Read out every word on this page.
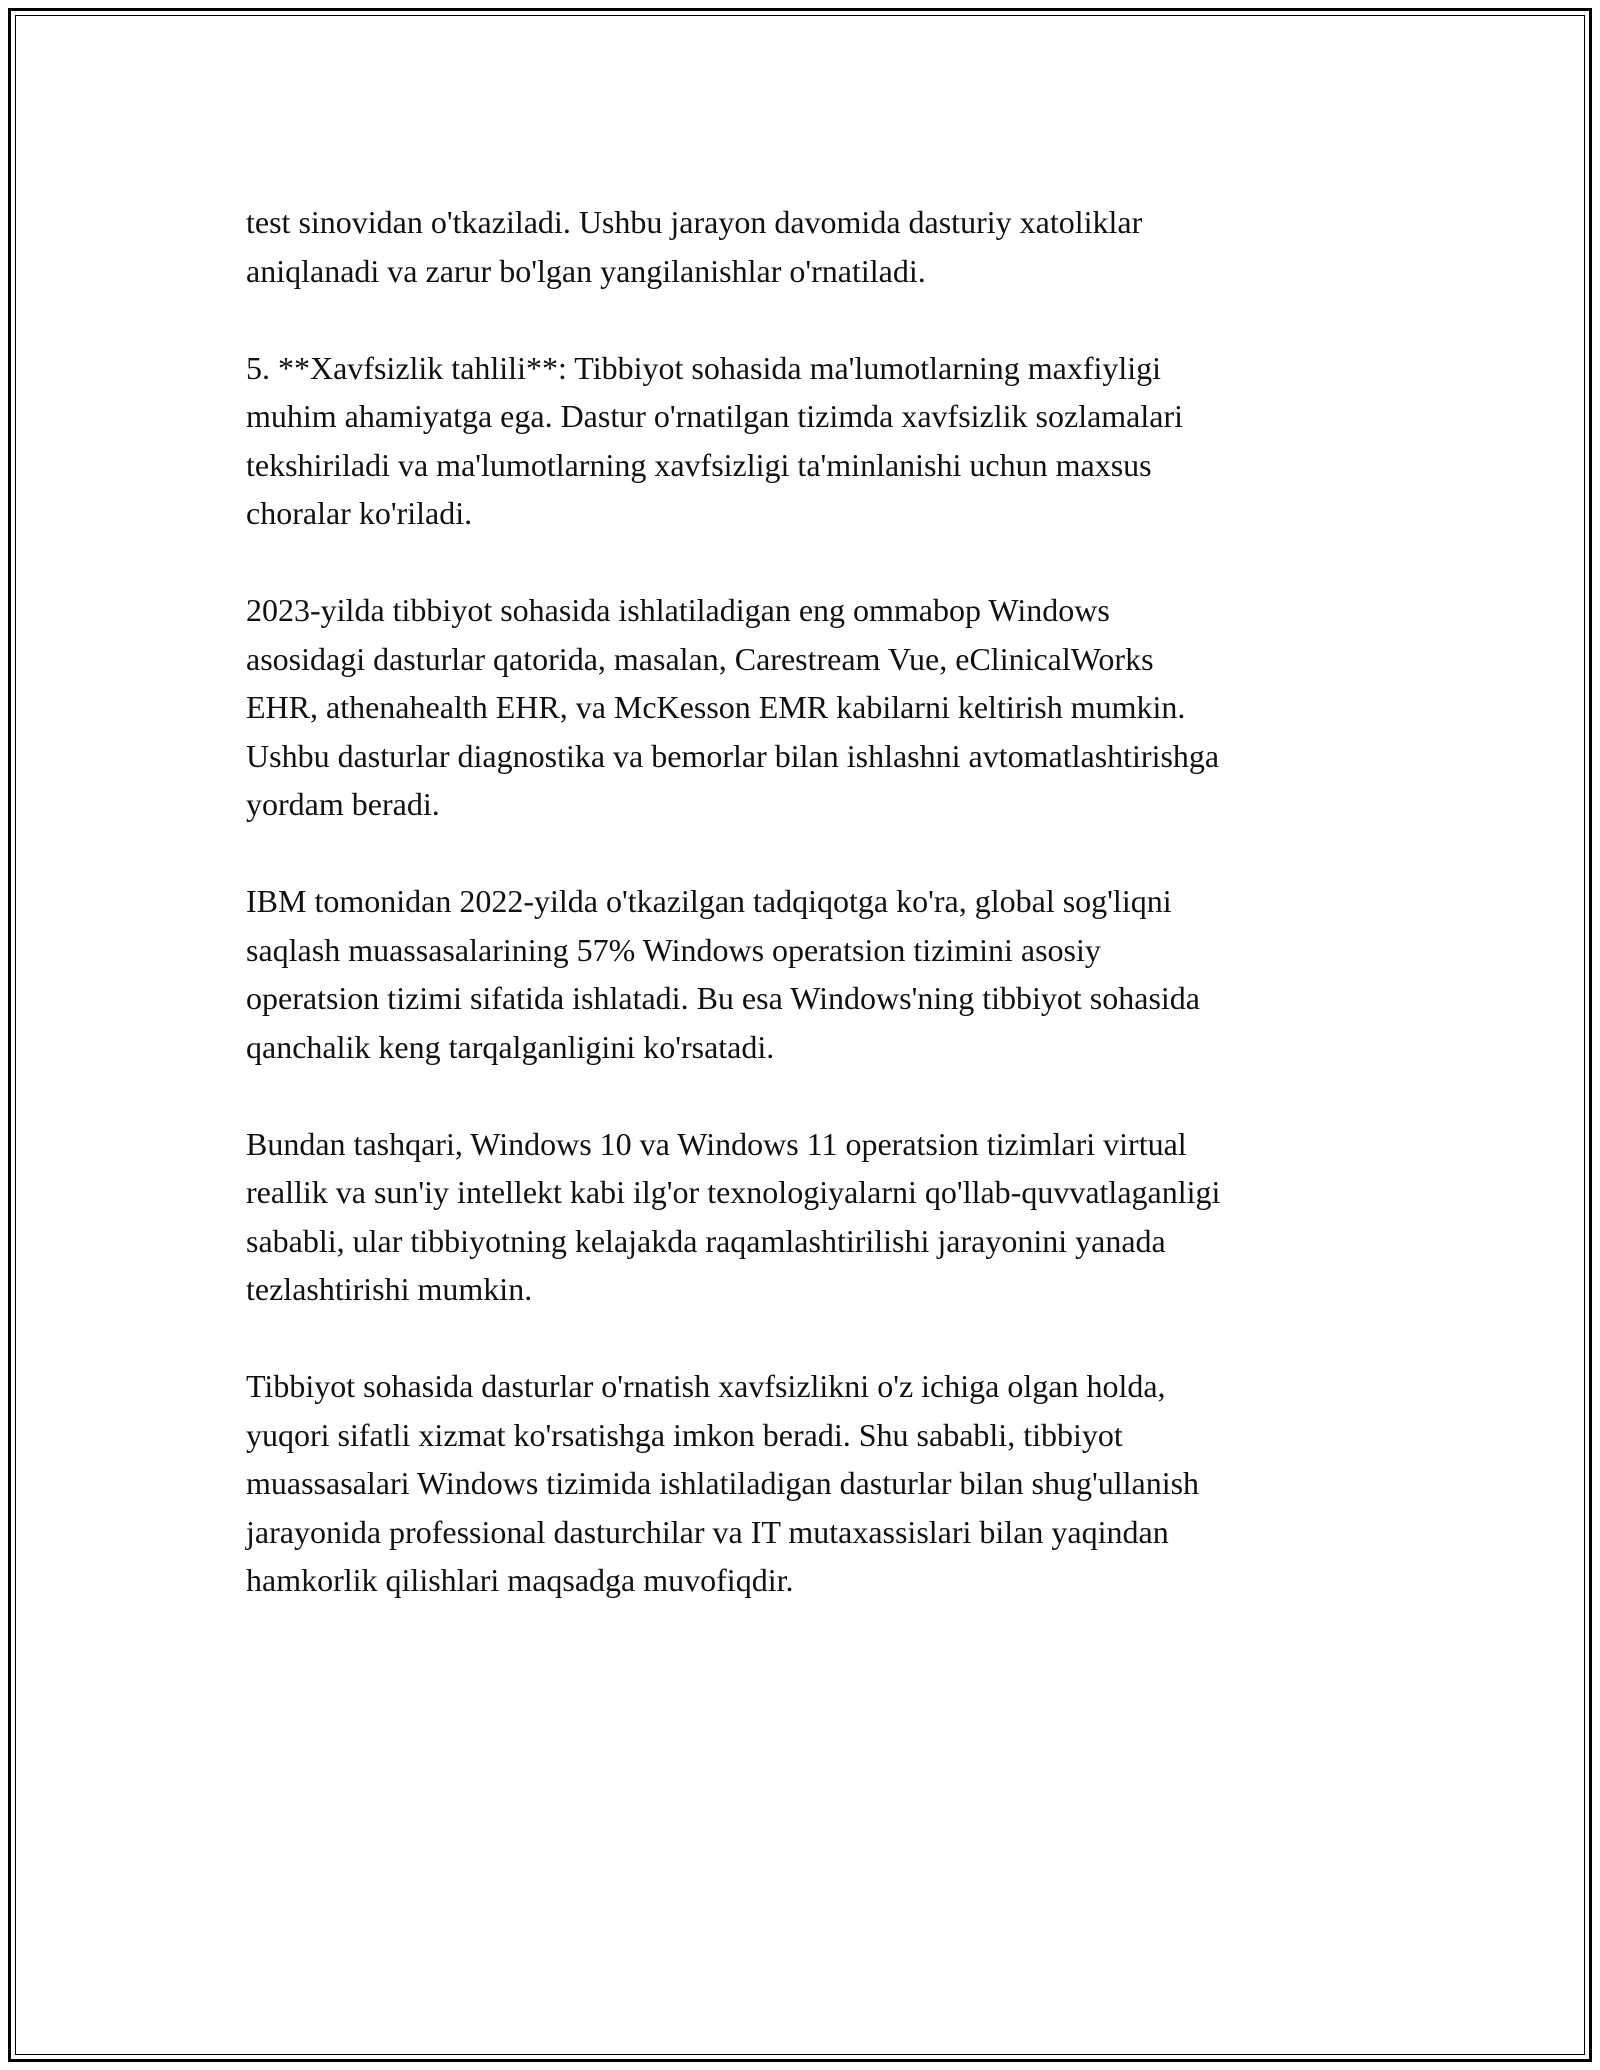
test sinovidan o'tkaziladi. Ushbu jarayon davomida dasturiy xatoliklar
aniqlanadi va zarur bo'lgan yangilanishlar o'rnatiladi.

5. **Xavfsizlik tahlili**: Tibbiyot sohasida ma'lumotlarning maxfiyligi
muhim ahamiyatga ega. Dastur o'rnatilgan tizimda xavfsizlik sozlamalari
tekshiriladi va ma'lumotlarning xavfsizligi ta'minlanishi uchun maxsus
choralar ko'riladi.

2023-yilda tibbiyot sohasida ishlatiladigan eng ommabop Windows
asosidagi dasturlar qatorida, masalan, Carestream Vue, eClinicalWorks
EHR, athenahealth EHR, va McKesson EMR kabilarni keltirish mumkin.
Ushbu dasturlar diagnostika va bemorlar bilan ishlashni avtomatlashtirishga
yordam beradi.

IBM tomonidan 2022-yilda o'tkazilgan tadqiqotga ko'ra, global sog'liqni
saqlash muassasalarining 57% Windows operatsion tizimini asosiy
operatsion tizimi sifatida ishlatadi. Bu esa Windows'ning tibbiyot sohasida
qanchalik keng tarqalganligini ko'rsatadi.

Bundan tashqari, Windows 10 va Windows 11 operatsion tizimlari virtual
reallik va sun'iy intellekt kabi ilg'or texnologiyalarni qo'llab-quvvatlaganligi
sababli, ular tibbiyotning kelajakda raqamlashtirilishi jarayonini yanada
tezlashtirishi mumkin.

Tibbiyot sohasida dasturlar o'rnatish xavfsizlikni o'z ichiga olgan holda,
yuqori sifatli xizmat ko'rsatishga imkon beradi. Shu sababli, tibbiyot
muassasalari Windows tizimida ishlatiladigan dasturlar bilan shug'ullanish
jarayonida professional dasturchilar va IT mutaxassislari bilan yaqindan
hamkorlik qilishlari maqsadga muvofiqdir.
